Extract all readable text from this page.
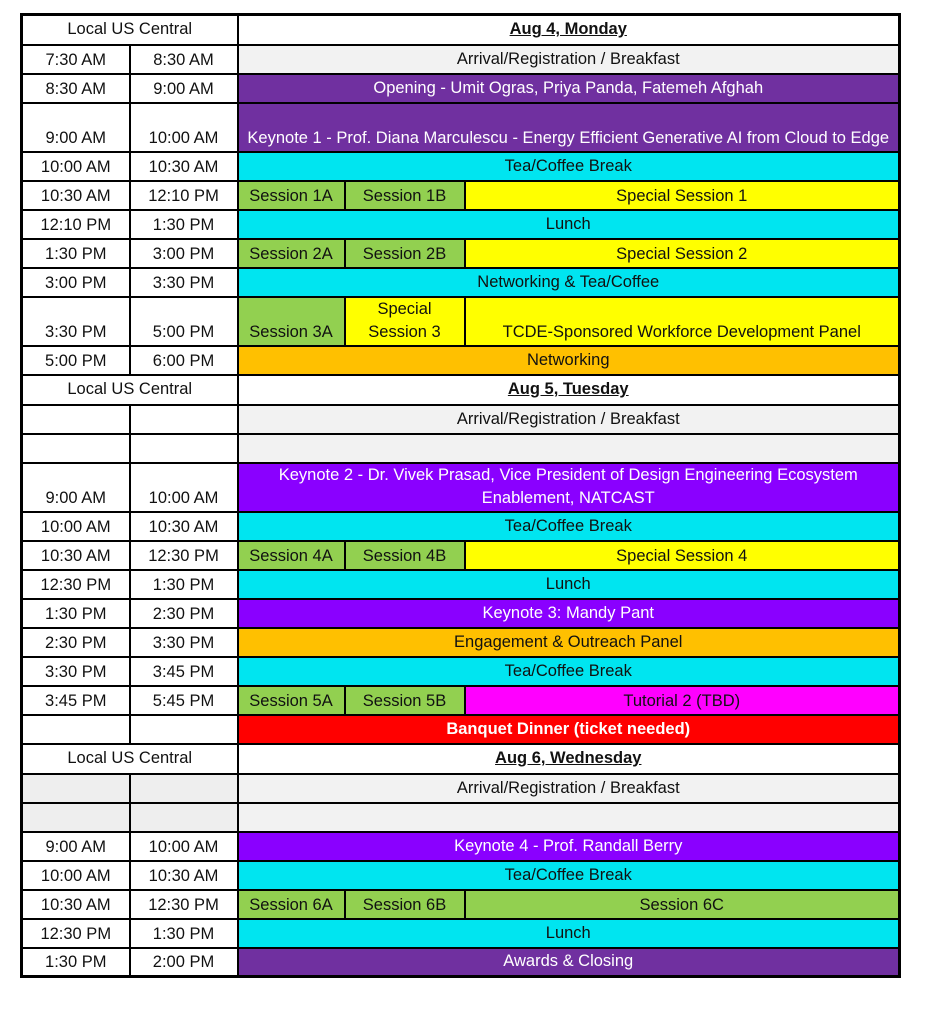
Local US Central		Aug 4, Monday		
7:30 AM	8:30 AM	Arrival/Registration / Breakfast		
8:30 AM	9:00 AM	Opening - Umit Ogras, Priya Panda, Fatemeh Afghah		
9:00 AM	10:00 AM	Keynote 1 - Prof. Diana Marculescu - Energy Efficient Generative AI from Cloud to Edge		
10:00 AM	10:30 AM	Tea/Coffee Break		
10:30 AM	12:10 PM	Session 1A	Session 1B	Special Session 1
12:10 PM	1:30 PM	Lunch		
1:30 PM	3:00 PM	Session 2A	Session 2B	Special Session 2
3:00 PM	3:30 PM	Networking & Tea/Coffee		
3:30 PM	5:00 PM	Session 3A	Special Session 3	TCDE-Sponsored Workforce Development Panel
5:00 PM	6:00 PM	Networking		
Local US Central		Aug 5, Tuesday		
		Arrival/Registration / Breakfast		

9:00 AM	10:00 AM	Keynote 2 - Dr. Vivek Prasad, Vice President of Design Engineering Ecosystem Enablement, NATCAST		
10:00 AM	10:30 AM	Tea/Coffee Break		
10:30 AM	12:30 PM	Session 4A	Session 4B	Special Session 4
12:30 PM	1:30 PM	Lunch		
1:30 PM	2:30 PM	Keynote 3: Mandy Pant		
2:30 PM	3:30 PM	Engagement & Outreach Panel		
3:30 PM	3:45 PM	Tea/Coffee Break		
3:45 PM	5:45 PM	Session 5A	Session 5B	Tutorial 2 (TBD)
		Banquet Dinner (ticket needed)		
Local US Central		Aug 6, Wednesday		
		Arrival/Registration / Breakfast		

9:00 AM	10:00 AM	Keynote 4 - Prof. Randall Berry		
10:00 AM	10:30 AM	Tea/Coffee Break		
10:30 AM	12:30 PM	Session 6A	Session 6B	Session 6C
12:30 PM	1:30 PM	Lunch		
1:30 PM	2:00 PM	Awards & Closing		
